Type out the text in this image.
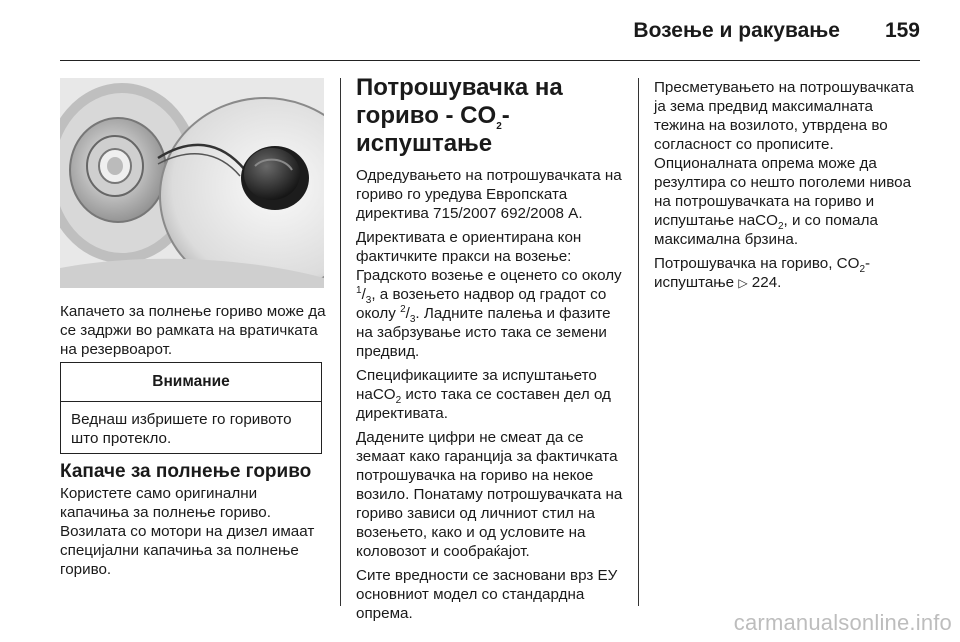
Возење и ракување 159
Капачето за полнење гориво може да се задржи во рамката на вратичката на резервоарот.
Внимание
Веднаш избришете го горивото што протекло.
Капаче за полнење гориво
Користете само оригинални капачиња за полнење гориво. Возилата со мотори на дизел имаат специјални капачиња за полнење гориво.
Потрошувачка на гориво - $CO_2$-испуштање

Одредувањето на потрошувачката на гориво го уредува Европската директива 715/2007 692/2008 A.

Директивата е ориентирана кон фактичките пракси на возење: Градското возење е оценето со околу $^1/_3$, а возењето надвор од градот со околу $^2/_3$. Ладните палења и фазите на забрзување исто така се земени предвид.

Спецификациите за испуштањето наCO$_2$ исто така се составен дел од директивата.

Дадените цифри не смеат да се земаат како гаранција за фактичката потрошувачка на гориво на некое возило. Понатаму потрошувачката на гориво зависи од личниот стил на возењето, како и од условите на коловозот и сообраќајот.

Сите вредности се засновани врз ЕУ основниот модел со стандардна опрема.

Пресметувањето на потрошувачката ја зема предвид максималната тежина на возилото, утврдена во согласност со прописите. Опционалната опрема може да резултира со нешто поголеми нивоа на потрошувачката на гориво и испуштање наCO$_2$, и со помала максимална брзина.

Потрошувачка на гориво, $CO_2$-испуштање ▷ 224.

carmanualsonline.info
